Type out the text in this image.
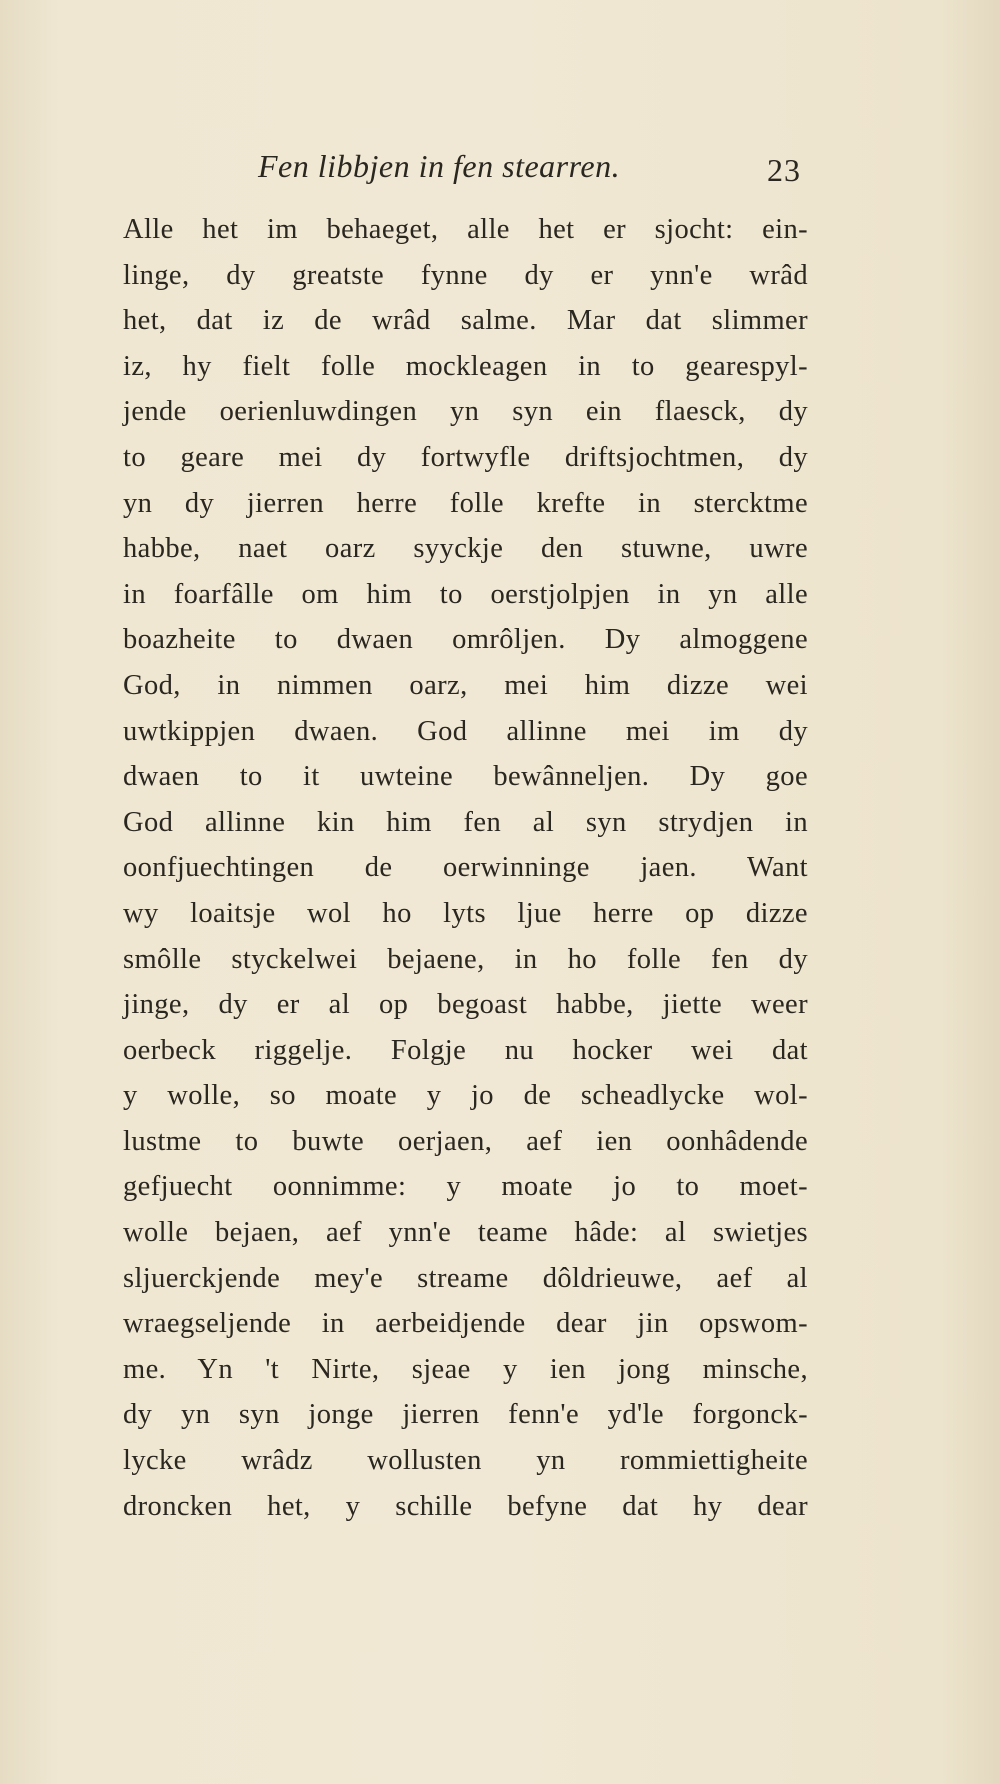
Fen libbjen in fen stearren.	23
Alle het im behaeget, alle het er sjocht: ein-
linge, dy greatste fynne dy er ynn'e wrâd
het, dat iz de wrâd salme. Mar dat slimmer
iz, hy fielt folle mockleagen in to gearespyl-
jende oerienluwdingen yn syn ein flaesck, dy
to geare mei dy fortwyfle driftsjochtmen, dy
yn dy jierren herre folle krefte in stercktme
habbe, naet oarz syyckje den stuwne, uwre
in foarfâlle om him to oerstjolpjen in yn alle
boazheite to dwaen omrôljen. Dy almoggene
God, in nimmen oarz, mei him dizze wei
uwtkippjen dwaen. God allinne mei im dy
dwaen to it uwteine bewânneljen. Dy goe
God allinne kin him fen al syn strydjen in
oonfjuechtingen de oerwinninge jaen. Want
wy loaitsje wol ho lyts ljue herre op dizze
smôlle styckelwei bejaene, in ho folle fen dy
jinge, dy er al op begoast habbe, jiette weer
oerbeck riggelje. Folgje nu hocker wei dat
y wolle, so moate y jo de scheadlycke wol-
lustme to buwte oerjaen, aef ien oonhâdende
gefjuecht oonnimme: y moate jo to moet-
wolle bejaen, aef ynn'e teame hâde: al swietjes
sljuerckjende mey'e streame dôldrieuwe, aef al
wraegseljende in aerbeidjende dear jin opswom-
me. Yn 't Nirte, sjeae y ien jong minsche,
dy yn syn jonge jierren fenn'e yd'le forgonck-
lycke wrâdz wollusten yn rommiettigheite
droncken het, y schille befyne dat hy dear
